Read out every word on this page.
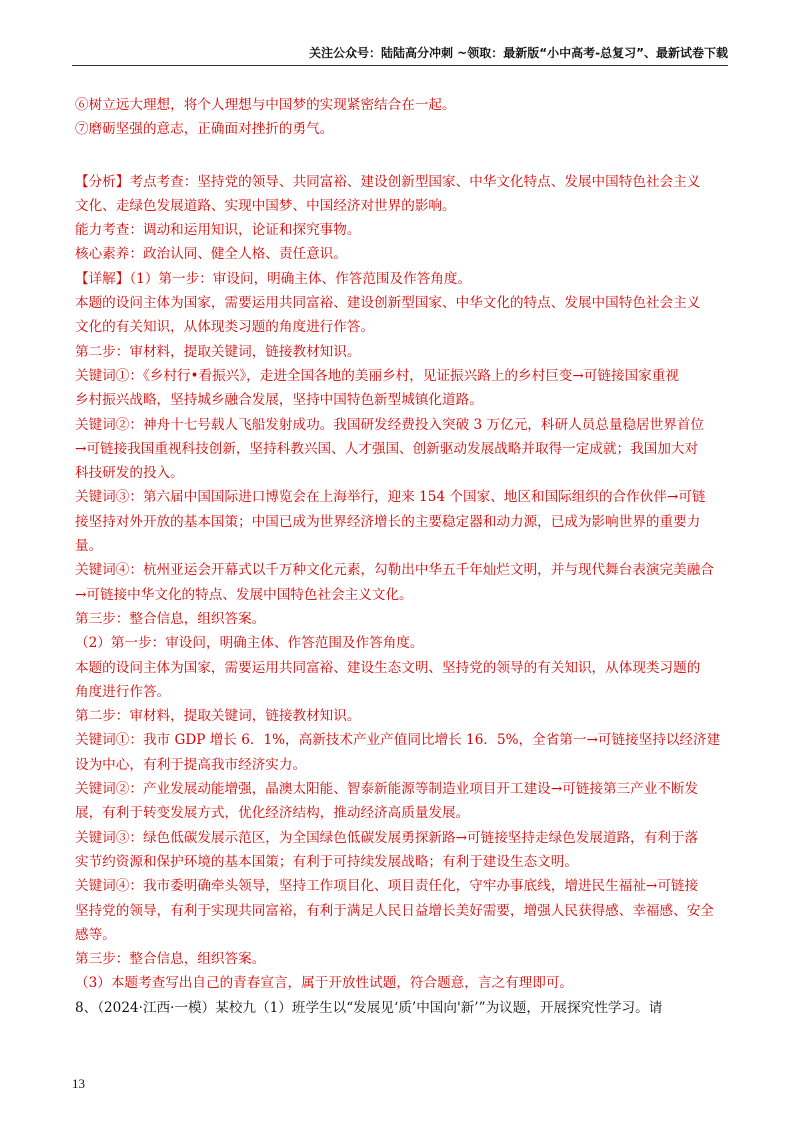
关注公众号：陆陆高分冲刺 ~领取：最新版“小中高考-总复习”、最新试卷下载
⑥树立远大理想，将个人理想与中国梦的实现紧密结合在一起。
⑦磨砺坚强的意志，正确面对挫折的勇气。
【分析】考点考查：坚持党的领导、共同富裕、建设创新型国家、中华文化特点、发展中国特色社会主义
文化、走绿色发展道路、实现中国梦、中国经济对世界的影响。
能力考查：调动和运用知识，论证和探究事物。
核心素养：政治认同、健全人格、责任意识。
【详解】（1）第一步：审设问，明确主体、作答范围及作答角度。
本题的设问主体为国家，需要运用共同富裕、建设创新型国家、中华文化的特点、发展中国特色社会主义
文化的有关知识，从体现类习题的角度进行作答。
第二步：审材料，提取关键词，链接教材知识。
关键词①：《乡村行•看振兴》，走进全国各地的美丽乡村，见证振兴路上的乡村巨变→可链接国家重视
乡村振兴战略，坚持城乡融合发展，坚持中国特色新型城镇化道路。
关键词②：神舟十七号载人飞船发射成功。我国研发经费投入突破 3 万亿元，科研人员总量稳居世界首位
→可链接我国重视科技创新，坚持科教兴国、人才强国、创新驱动发展战略并取得一定成就；我国加大对
科技研发的投入。
关键词③：第六届中国国际进口博览会在上海举行，迎来 154 个国家、地区和国际组织的合作伙伴→可链
接坚持对外开放的基本国策；中国已成为世界经济增长的主要稳定器和动力源，已成为影响世界的重要力
量。
关键词④：杭州亚运会开幕式以千万种文化元素，勾勒出中华五千年灿烂文明，并与现代舞台表演完美融合
→可链接中华文化的特点、发展中国特色社会主义文化。
第三步：整合信息，组织答案。
（2）第一步：审设问，明确主体、作答范围及作答角度。
本题的设问主体为国家，需要运用共同富裕、建设生态文明、坚持党的领导的有关知识，从体现类习题的
角度进行作答。
第二步：审材料，提取关键词，链接教材知识。
关键词①：我市 GDP 增长 6．1%，高新技术产业产值同比增长 16．5%，全省第一→可链接坚持以经济建
设为中心，有利于提高我市经济实力。
关键词②：产业发展动能增强，晶澳太阳能、智泰新能源等制造业项目开工建设→可链接第三产业不断发
展，有利于转变发展方式，优化经济结构，推动经济高质量发展。
关键词③：绿色低碳发展示范区，为全国绿色低碳发展勇探新路→可链接坚持走绿色发展道路，有利于落
实节约资源和保护环境的基本国策；有利于可持续发展战略；有利于建设生态文明。
关键词④：我市委明确牵头领导，坚持工作项目化、项目责任化，守牢办事底线，增进民生福祉→可链接
坚持党的领导，有利于实现共同富裕，有利于满足人民日益增长美好需要，增强人民获得感、幸福感、安全
感等。
第三步：整合信息，组织答案。
（3）本题考查写出自己的青春宣言，属于开放性试题，符合题意，言之有理即可。
8、（2024·江西·一模）某校九（1）班学生以“发展见‘质’中国向'新’”为议题，开展探究性学习。请
13
